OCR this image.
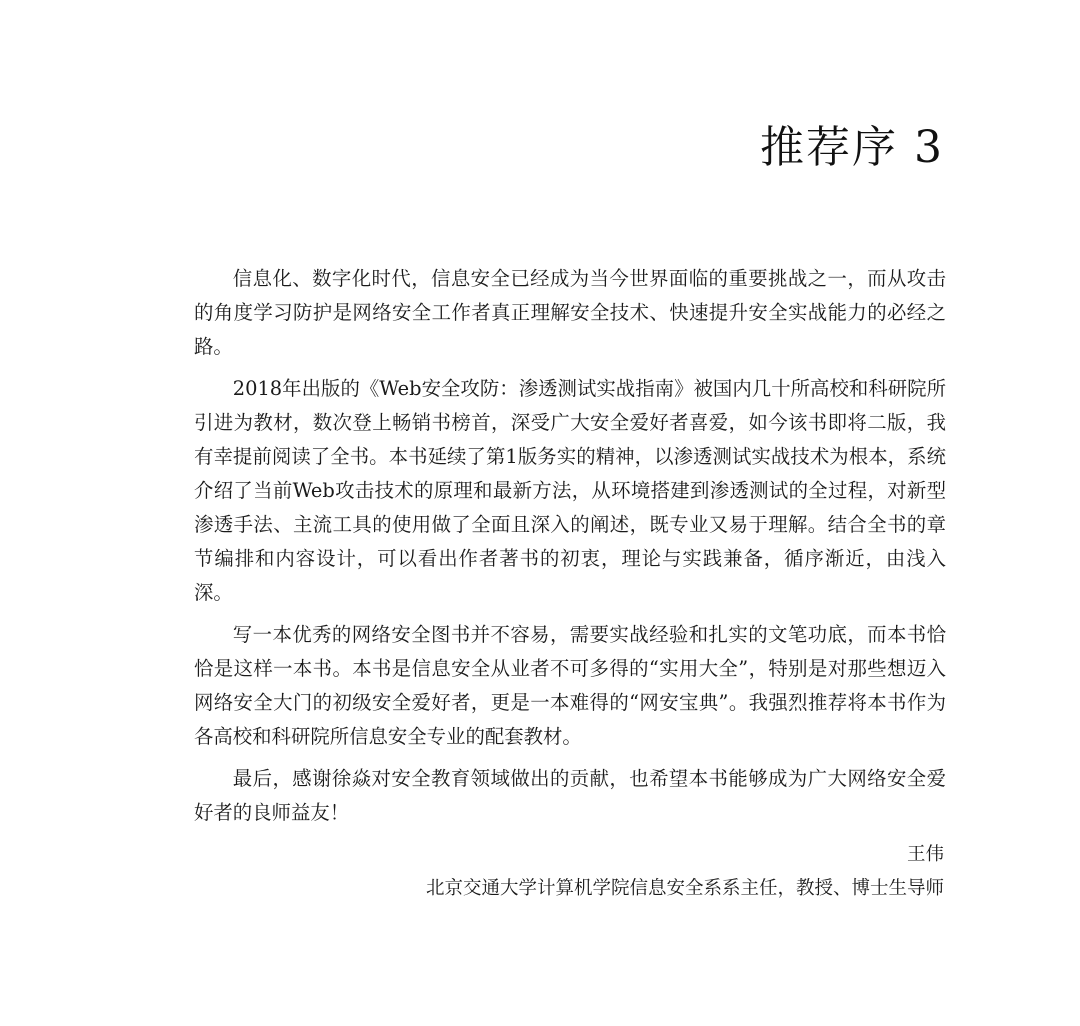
推荐序 3

信息化、数字化时代，信息安全已经成为当今世界面临的重要挑战之一，而从攻击的角度学习防护是网络安全工作者真正理解安全技术、快速提升安全实战能力的必经之路。

2018年出版的《Web安全攻防：渗透测试实战指南》被国内几十所高校和科研院所引进为教材，数次登上畅销书榜首，深受广大安全爱好者喜爱，如今该书即将二版，我有幸提前阅读了全书。本书延续了第1版务实的精神，以渗透测试实战技术为根本，系统介绍了当前Web攻击技术的原理和最新方法，从环境搭建到渗透测试的全过程，对新型渗透手法、主流工具的使用做了全面且深入的阐述，既专业又易于理解。结合全书的章节编排和内容设计，可以看出作者著书的初衷，理论与实践兼备，循序渐近，由浅入深。

写一本优秀的网络安全图书并不容易，需要实战经验和扎实的文笔功底，而本书恰恰是这样一本书。本书是信息安全从业者不可多得的“实用大全”，特别是对那些想迈入网络安全大门的初级安全爱好者，更是一本难得的“网安宝典”。我强烈推荐将本书作为各高校和科研院所信息安全专业的配套教材。

最后，感谢徐焱对安全教育领域做出的贡献，也希望本书能够成为广大网络安全爱好者的良师益友！

王伟

北京交通大学计算机学院信息安全系系主任，教授、博士生导师
